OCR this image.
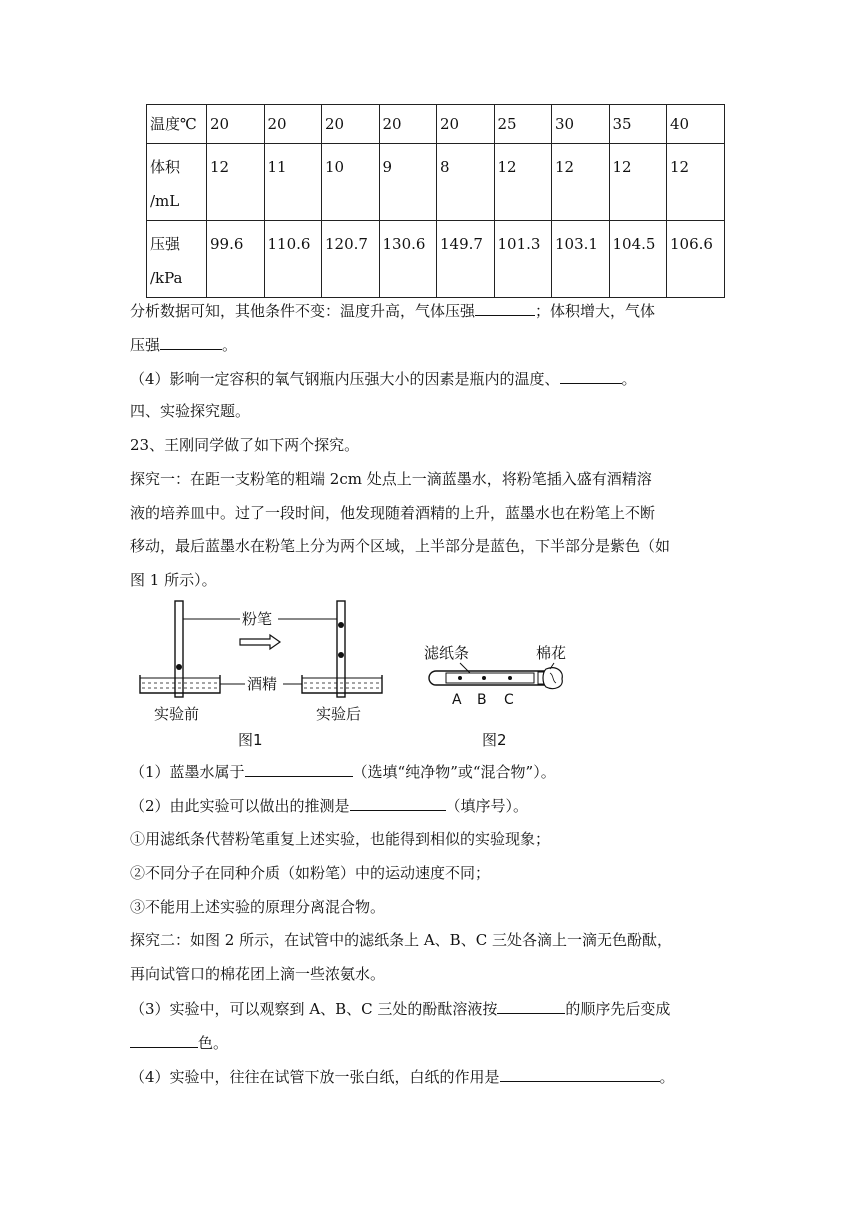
温度℃	20	20	20	20	20	25	30	35	40
体积
/mL	12	11	10	9	8	12	12	12	12
压强
/kPa	99.6	110.6	120.7	130.6	149.7	101.3	103.1	104.5	106.6
分析数据可知，其他条件不变：温度升高，气体压强	；体积增大，气体
压强	。
（4）影响一定容积的氧气钢瓶内压强大小的因素是瓶内的温度、	。
四、实验探究题。
23、王刚同学做了如下两个探究。
探究一：在距一支粉笔的粗端 2cm 处点上一滴蓝墨水，将粉笔插入盛有酒精溶
液的培养皿中。过了一段时间，他发现随着酒精的上升，蓝墨水也在粉笔上不断
移动，最后蓝墨水在粉笔上分为两个区域，上半部分是蓝色，下半部分是紫色（如
图 1 所示）。
粉笔
酒精
实验前	实验后
图1
滤纸条	棉花
A B C
图2
（1）蓝墨水属于	（选填“纯净物”或“混合物”）。
（2）由此实验可以做出的推测是	（填序号）。
①用滤纸条代替粉笔重复上述实验，也能得到相似的实验现象；
②不同分子在同种介质（如粉笔）中的运动速度不同；
③不能用上述实验的原理分离混合物。
探究二：如图 2 所示，在试管中的滤纸条上 A、B、C 三处各滴上一滴无色酚酞，
再向试管口的棉花团上滴一些浓氨水。
（3）实验中，可以观察到 A、B、C 三处的酚酞溶液按	的顺序先后变成
色。
（4）实验中，往往在试管下放一张白纸，白纸的作用是	。
